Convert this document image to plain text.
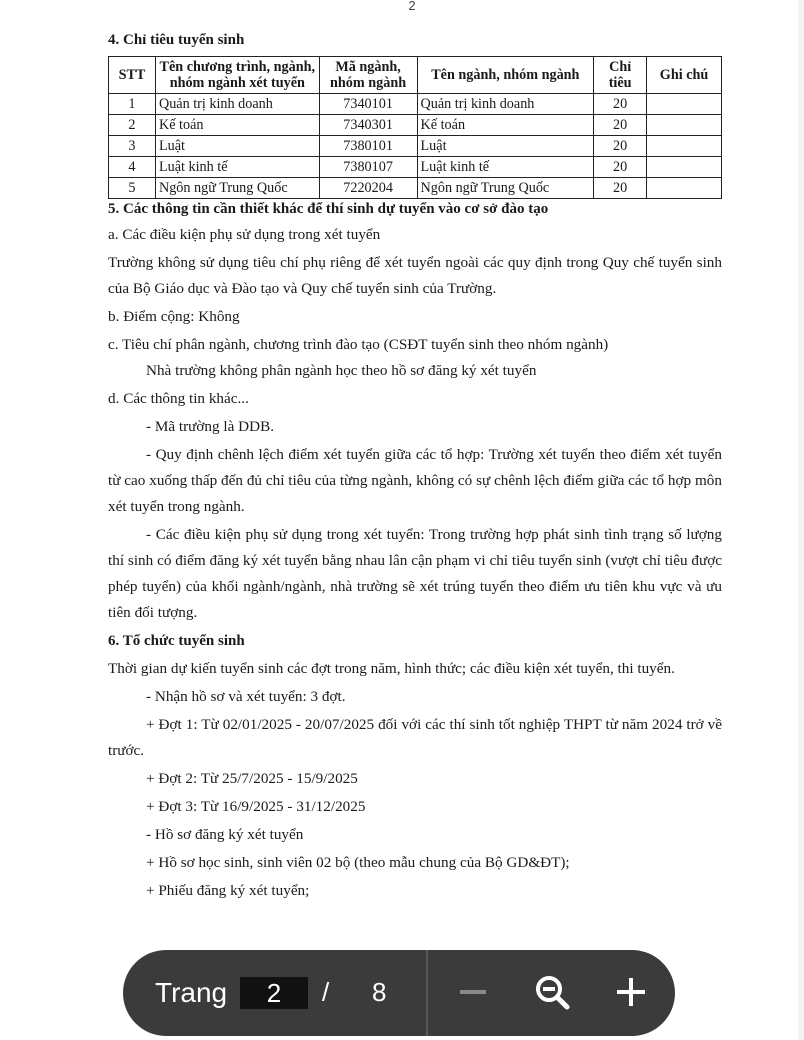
2

4. Chỉ tiêu tuyển sinh

STT	Tên chương trình, ngành, nhóm ngành xét tuyển	Mã ngành, nhóm ngành	Tên ngành, nhóm ngành	Chỉ tiêu	Ghi chú
1	Quản trị kinh doanh	7340101	Quản trị kinh doanh	20	
2	Kế toán	7340301	Kế toán	20	
3	Luật	7380101	Luật	20	
4	Luật kinh tế	7380107	Luật kinh tế	20	
5	Ngôn ngữ Trung Quốc	7220204	Ngôn ngữ Trung Quốc	20	

5. Các thông tin cần thiết khác để thí sinh dự tuyển vào cơ sở đào tạo

a. Các điều kiện phụ sử dụng trong xét tuyển

Trường không sử dụng tiêu chí phụ riêng để xét tuyển ngoài các quy định trong Quy chế tuyển sinh của Bộ Giáo dục và Đào tạo và Quy chế tuyển sinh của Trường.

b. Điểm cộng: Không

c. Tiêu chí phân ngành, chương trình đào tạo (CSĐT tuyển sinh theo nhóm ngành)

Nhà trường không phân ngành học theo hồ sơ đăng ký xét tuyển

d. Các thông tin khác...

- Mã trường là DDB.

- Quy định chênh lệch điểm xét tuyển giữa các tổ hợp: Trường xét tuyển theo điểm xét tuyển từ cao xuống thấp đến đủ chỉ tiêu của từng ngành, không có sự chênh lệch điểm giữa các tổ hợp môn xét tuyển trong ngành.

- Các điều kiện phụ sử dụng trong xét tuyển: Trong trường hợp phát sinh tình trạng số lượng thí sinh có điểm đăng ký xét tuyển bằng nhau lân cận phạm vi chỉ tiêu tuyển sinh (vượt chỉ tiêu được phép tuyển) của khối ngành/ngành, nhà trường sẽ xét trúng tuyển theo điểm ưu tiên khu vực và ưu tiên đối tượng.

6. Tổ chức tuyển sinh

Thời gian dự kiến tuyển sinh các đợt trong năm, hình thức; các điều kiện xét tuyển, thi tuyển.

- Nhận hồ sơ và xét tuyển: 3 đợt.

+ Đợt 1: Từ 02/01/2025 - 20/07/2025 đối với các thí sinh tốt nghiệp THPT từ năm 2024 trở về trước.

+ Đợt 2: Từ 25/7/2025 - 15/9/2025

+ Đợt 3: Từ 16/9/2025 - 31/12/2025

- Hồ sơ đăng ký xét tuyển

+ Hồ sơ học sinh, sinh viên 02 bộ (theo mẫu chung của Bộ GD&ĐT);

+ Phiếu đăng ký xét tuyển;

Trang	2	/ 8
